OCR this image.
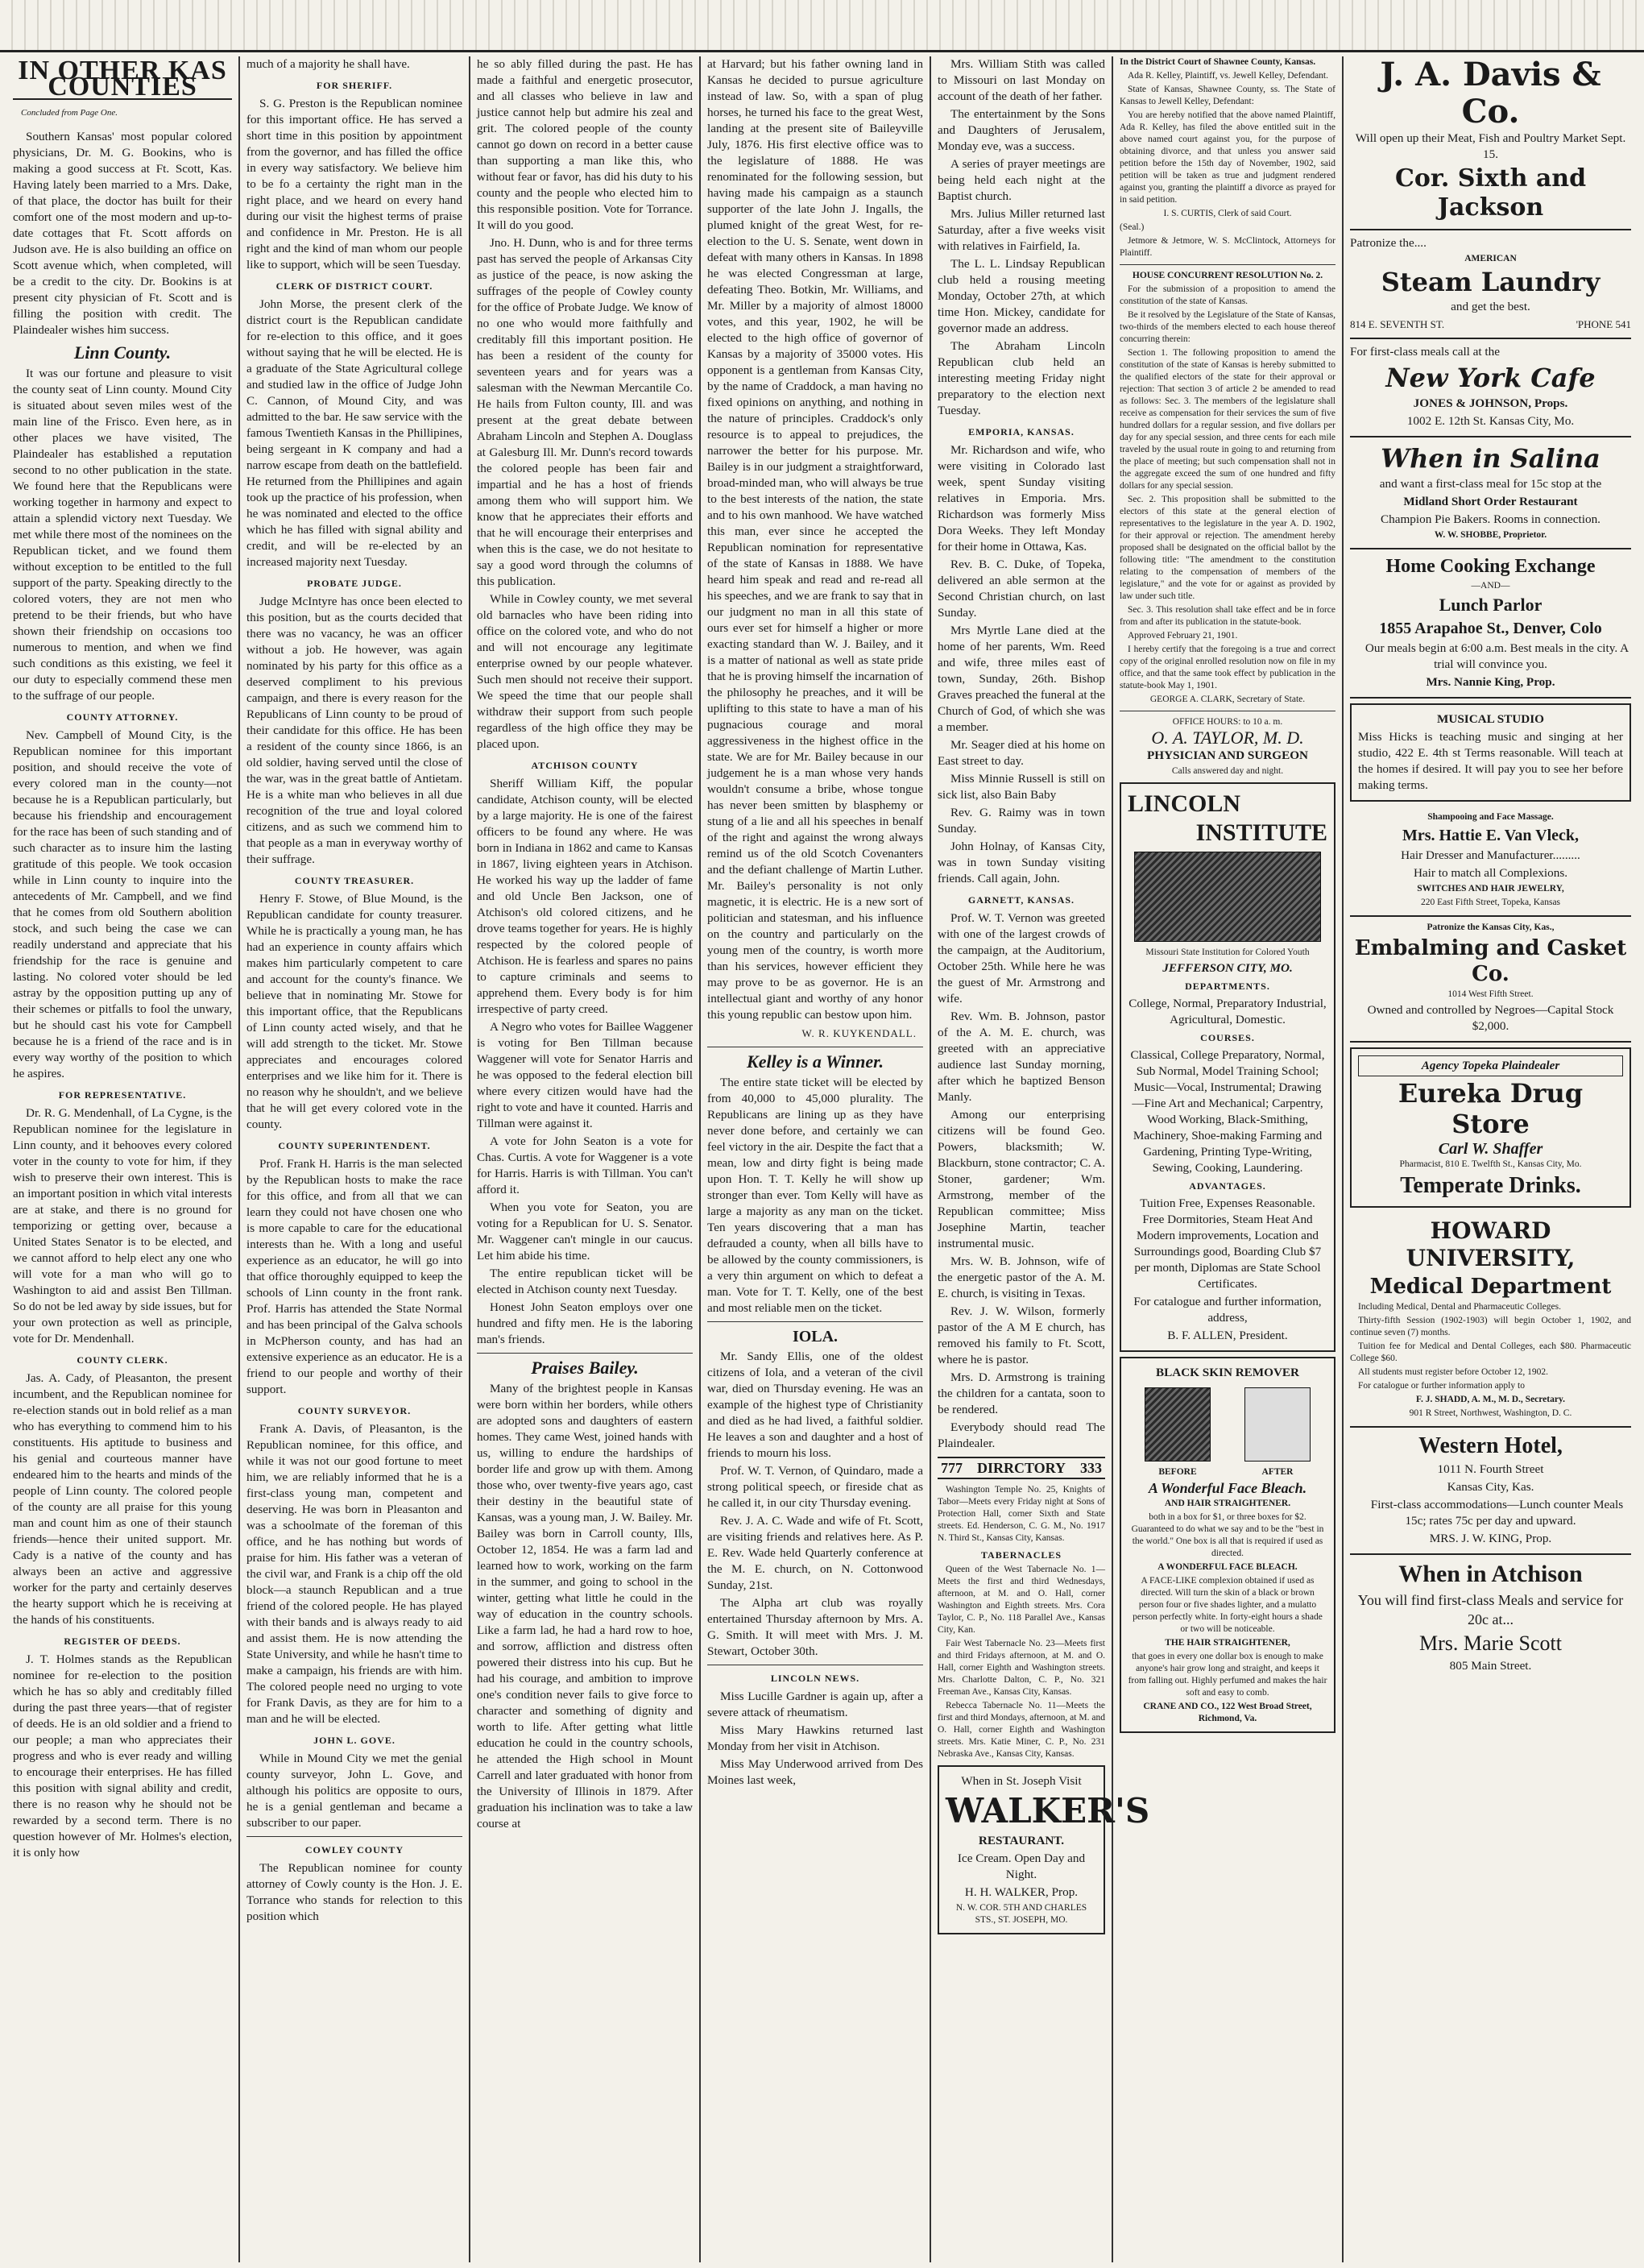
IN OTHER KAS COUNTIES
Concluded from Page One.

Southern Kansas' most popular colored physicians, Dr. M. G. Bookins, who is making a good success at Ft. Scott, Kas. Having lately been married to a Mrs. Dake, of that place, the doctor has built for their comfort one of the most modern and up-to-date cottages that Ft. Scott affords on Judson ave. He is also building an office on Scott avenue which, when completed, will be a credit to the city. Dr. Bookins is at present city physician of Ft. Scott and is filling the position with credit. The Plaindealer wishes him success.

Linn County.

It was our fortune and pleasure to visit the county seat of Linn county. Mound City is situated about seven miles west of the main line of the Frisco. Even here, as in other places we have visited, The Plaindealer has established a reputation second to no other publication in the state. We found here that the Republicans were working together in harmony and expect to attain a splendid victory next Tuesday. We met while there most of the nominees on the Republican ticket, and we found them without exception to be entitled to the full support of the party. Speaking directly to the colored voters, they are not men who pretend to be their friends, but who have shown their friendship on occasions too numerous to mention, and when we find such conditions as this existing, we feel it our duty to especially commend these men to the suffrage of our people.

COUNTY ATTORNEY.

Nev. Campbell of Mound City, is the Republican nominee for this important position, and should receive the vote of every colored man in the county—not because he is a Republican particularly, but because his friendship and encouragement for the race has been of such standing and of such character as to insure him the lasting gratitude of this people. We took occasion while in Linn county to inquire into the antecedents of Mr. Campbell, and we find that he comes from old Southern abolition stock, and such being the case we can readily understand and appreciate that his friendship for the race is genuine and lasting. No colored voter should be led astray by the opposition putting up any of their schemes or pitfalls to fool the unwary, but he should cast his vote for Campbell because he is a friend of the race and is in every way worthy of the position to which he aspires.

FOR REPRESENTATIVE.

Dr. R. G. Mendenhall, of La Cygne, is the Republican nominee for the legislature in Linn county, and it behooves every colored voter in the county to vote for him, if they wish to preserve their own interest. This is an important position in which vital interests are at stake, and there is no ground for temporizing or getting over, because a United States Senator is to be elected, and we cannot afford to help elect any one who will vote for a man who will go to Washington to aid and assist Ben Tillman. So do not be led away by side issues, but for your own protection as well as principle, vote for Dr. Mendenhall.

COUNTY CLERK.

Jas. A. Cady, of Pleasanton, the present incumbent, and the Republican nominee for re-election stands out in bold relief as a man who has everything to commend him to his constituents. His aptitude to business and his genial and courteous manner have endeared him to the hearts and minds of the people of Linn county. The colored people of the county are all praise for this young man and count him as one of their staunch friends—hence their united support. Mr. Cady is a native of the county and has always been an active and aggressive worker for the party and certainly deserves the hearty support which he is receiving at the hands of his constituents.

REGISTER OF DEEDS.

J. T. Holmes stands as the Republican nominee for re-election to the position which he has so ably and creditably filled during the past three years—that of register of deeds. He is an old soldier and a friend to our people; a man who appreciates their progress and who is ever ready and willing to encourage their enterprises. He has filled this position with signal ability and credit, there is no reason why he should not be rewarded by a second term. There is no question however of Mr. Holmes's election, it is only how

much of a majority he shall have.

FOR SHERIFF.

S. G. Preston is the Republican nominee for this important office. He has served a short time in this position by appointment from the governor, and has filled the office in every way satisfactory. We believe him to be fo a certainty the right man in the right place, and we heard on every hand during our visit the highest terms of praise and confidence in Mr. Preston. He is all right and the kind of man whom our people like to support, which will be seen Tuesday.

CLERK OF DISTRICT COURT.

John Morse, the present clerk of the district court is the Republican candidate for re-election to this office, and it goes without saying that he will be elected. He is a graduate of the State Agricultural college and studied law in the office of Judge John C. Cannon, of Mound City, and was admitted to the bar. He saw service with the famous Twentieth Kansas in the Phillipines, being sergeant in K company and had a narrow escape from death on the battlefield. He returned from the Phillipines and again took up the practice of his profession, when he was nominated and elected to the office which he has filled with signal ability and credit, and will be re-elected by an increased majority next Tuesday.

PROBATE JUDGE.

Judge McIntyre has once been elected to this position, but as the courts decided that there was no vacancy, he was an officer without a job. He however, was again nominated by his party for this office as a deserved compliment to his previous campaign, and there is every reason for the Republicans of Linn county to be proud of their candidate for this office. He has been a resident of the county since 1866, is an old soldier, having served until the close of the war, was in the great battle of Antietam. He is a white man who believes in all due recognition of the true and loyal colored citizens, and as such we commend him to that people as a man in everyway worthy of their suffrage.

COUNTY TREASURER.

Henry F. Stowe, of Blue Mound, is the Republican candidate for county treasurer. While he is practically a young man, he has had an experience in county affairs which makes him particularly competent to care and account for the county's finance. We believe that in nominating Mr. Stowe for this important office, that the Republicans of Linn county acted wisely, and that he will add strength to the ticket. Mr. Stowe appreciates and encourages colored enterprises and we like him for it. There is no reason why he shouldn't, and we believe that he will get every colored vote in the county.

COUNTY SUPERINTENDENT.

Prof. Frank H. Harris is the man selected by the Republican hosts to make the race for this office, and from all that we can learn they could not have chosen one who is more capable to care for the educational interests than he. With a long and useful experience as an educator, he will go into that office thoroughly equipped to keep the schools of Linn county in the front rank. Prof. Harris has attended the State Normal and has been principal of the Galva schools in McPherson county, and has had an extensive experience as an educator. He is a friend to our people and worthy of their support.

COUNTY SURVEYOR.

Frank A. Davis, of Pleasanton, is the Republican nominee, for this office, and while it was not our good fortune to meet him, we are reliably informed that he is a first-class young man, competent and deserving. He was born in Pleasanton and was a schoolmate of the foreman of this office, and he has nothing but words of praise for him. His father was a veteran of the civil war, and Frank is a chip off the old block—a staunch Republican and a true friend of the colored people. He has played with their bands and is always ready to aid and assist them. He is now attending the State University, and while he hasn't time to make a campaign, his friends are with him. The colored people need no urging to vote for Frank Davis, as they are for him to a man and he will be elected.

JOHN L. GOVE.

While in Mound City we met the genial county surveyor, John L. Gove, and although his politics are opposite to ours, he is a genial gentleman and became a subscriber to our paper.

COWLEY COUNTY

The Republican nominee for county attorney of Cowly county is the Hon. J. E. Torrance who stands for relection to this position which

he so ably filled during the past. He has made a faithful and energetic prosecutor, and all classes who believe in law and justice cannot help but admire his zeal and grit. The colored people of the county cannot go down on record in a better cause than supporting a man like this, who without fear or favor, has did his duty to his county and the people who elected him to this responsible position. Vote for Torrance. It will do you good.

Jno. H. Dunn, who is and for three terms past has served the people of Arkansas City as justice of the peace, is now asking the suffrages of the people of Cowley county for the office of Probate Judge. We know of no one who would more faithfully and creditably fill this important position. He has been a resident of the county for seventeen years and for years was a salesman with the Newman Mercantile Co. He hails from Fulton county, Ill. and was present at the great debate between Abraham Lincoln and Stephen A. Douglass at Galesburg Ill. Mr. Dunn's record towards the colored people has been fair and impartial and he has a host of friends among them who will support him. We know that he appreciates their efforts and that he will encourage their enterprises and when this is the case, we do not hesitate to say a good word through the columns of this publication.

While in Cowley county, we met several old barnacles who have been riding into office on the colored vote, and who do not and will not encourage any legitimate enterprise owned by our people whatever. Such men should not receive their support. We speed the time that our people shall withdraw their support from such people regardless of the high office they may be placed upon.

ATCHISON COUNTY

Sheriff William Kiff, the popular candidate, Atchison county, will be elected by a large majority. He is one of the fairest officers to be found any where. He was born in Indiana in 1862 and came to Kansas in 1867, living eighteen years in Atchison. He worked his way up the ladder of fame and old Uncle Ben Jackson, one of Atchison's old colored citizens, and he drove teams together for years. He is highly respected by the colored people of Atchison. He is fearless and spares no pains to capture criminals and seems to apprehend them. Every body is for him irrespective of party creed.

A Negro who votes for Baillee Waggener is voting for Ben Tillman because Waggener will vote for Senator Harris and he was opposed to the federal election bill where every citizen would have had the right to vote and have it counted. Harris and Tillman were against it.

A vote for John Seaton is a vote for Chas. Curtis. A vote for Waggener is a vote for Harris. Harris is with Tillman. You can't afford it.

When you vote for Seaton, you are voting for a Republican for U. S. Senator. Mr. Waggener can't mingle in our caucus. Let him abide his time.

The entire republican ticket will be elected in Atchison county next Tuesday.

Honest John Seaton employs over one hundred and fifty men. He is the laboring man's friends.

Praises Bailey.

Many of the brightest people in Kansas were born within her borders, while others are adopted sons and daughters of eastern homes. They came West, joined hands with us, willing to endure the hardships of border life and grow up with them. Among those who, over twenty-five years ago, cast their destiny in the beautiful state of Kansas, was a young man, J. W. Bailey. Mr. Bailey was born in Carroll county, Ills, October 12, 1854. He was a farm lad and learned how to work, working on the farm in the summer, and going to school in the winter, getting what little he could in the way of education in the country schools. Like a farm lad, he had a hard row to hoe, and sorrow, affliction and distress often powered their distress into his cup. But he had his courage, and ambition to improve one's condition never fails to give force to character and something of dignity and worth to life. After getting what little education he could in the country schools, he attended the High school in Mount Carrell and later graduated with honor from the University of Illinois in 1879. After graduation his inclination was to take a law course at

at Harvard; but his father owning land in Kansas he decided to pursue agriculture instead of law. So, with a span of plug horses, he turned his face to the great West, landing at the present site of Baileyville July, 1876. His first elective office was to the legislature of 1888. He was renominated for the following session, but having made his campaign as a staunch supporter of the late John J. Ingalls, the plumed knight of the great West, for re-election to the U. S. Senate, went down in defeat with many others in Kansas. In 1898 he was elected Congressman at large, defeating Theo. Botkin, Mr. Williams, and Mr. Miller by a majority of almost 18000 votes, and this year, 1902, he will be elected to the high office of governor of Kansas by a majority of 35000 votes. His opponent is a gentleman from Kansas City, by the name of Craddock, a man having no fixed opinions on anything, and nothing in the nature of principles. Craddock's only resource is to appeal to prejudices, the narrower the better for his purpose. Mr. Bailey is in our judgment a straightforward, broad-minded man, who will always be true to the best interests of the nation, the state and to his own manhood. We have watched this man, ever since he accepted the Republican nomination for representative of the state of Kansas in 1888. We have heard him speak and read and re-read all his speeches, and we are frank to say that in our judgment no man in all this state of ours ever set for himself a higher or more exacting standard than W. J. Bailey, and it is a matter of national as well as state pride that he is proving himself the incarnation of the philosophy he preaches, and it will be uplifting to this state to have a man of his pugnacious courage and moral aggressiveness in the highest office in the state. We are for Mr. Bailey because in our judgement he is a man whose very hands wouldn't consume a bribe, whose tongue has never been smitten by blasphemy or stung of a lie and all his speeches in benalf of the right and against the wrong always remind us of the old Scotch Covenanters and the defiant challenge of Martin Luther. Mr. Bailey's personality is not only magnetic, it is electric. He is a new sort of politician and statesman, and his influence on the country and particularly on the young men of the country, is worth more than his services, however efficient they may prove to be as governor. He is an intellectual giant and worthy of any honor this young republic can bestow upon him.

W. R. KUYKENDALL.
Kelley is a Winner.

The entire state ticket will be elected by from 40,000 to 45,000 plurality. The Republicans are lining up as they have never done before, and certainly we can feel victory in the air. Despite the fact that a mean, low and dirty fight is being made upon Hon. T. T. Kelly he will show up stronger than ever. Tom Kelly will have as large a majority as any man on the ticket. Ten years discovering that a man has defrauded a county, when all bills have to be allowed by the county commissioners, is a very thin argument on which to defeat a man. Vote for T. T. Kelly, one of the best and most reliable men on the ticket.

IOLA.

Mr. Sandy Ellis, one of the oldest citizens of Iola, and a veteran of the civil war, died on Thursday evening. He was an example of the highest type of Christianity and died as he had lived, a faithful soldier. He leaves a son and daughter and a host of friends to mourn his loss.

Prof. W. T. Vernon, of Quindaro, made a strong political speech, or fireside chat as he called it, in our city Thursday evening.

Rev. J. A. C. Wade and wife of Ft. Scott, are visiting friends and relatives here. As P. E. Rev. Wade held Quarterly conference at the M. E. church, on N. Cottonwood Sunday, 21st.

The Alpha art club was royally entertained Thursday afternoon by Mrs. A. G. Smith. It will meet with Mrs. J. M. Stewart, October 30th.

LINCOLN NEWS.

Miss Lucille Gardner is again up, after a severe attack of rheumatism.

Miss Mary Hawkins returned last Monday from her visit in Atchison.

Miss May Underwood arrived from Des Moines last week,

Mrs. William Stith was called to Missouri on last Monday on account of the death of her father.

The entertainment by the Sons and Daughters of Jerusalem, Monday eve, was a success.

A series of prayer meetings are being held each night at the Baptist church.

Mrs. Julius Miller returned last Saturday, after a five weeks visit with relatives in Fairfield, Ia.

The L. L. Lindsay Republican club held a rousing meeting Monday, October 27th, at which time Hon. Mickey, candidate for governor made an address.

The Abraham Lincoln Republican club held an interesting meeting Friday night preparatory to the election next Tuesday.

EMPORIA, KANSAS.

Mr. Richardson and wife, who were visiting in Colorado last week, spent Sunday visiting relatives in Emporia. Mrs. Richardson was formerly Miss Dora Weeks. They left Monday for their home in Ottawa, Kas.

Rev. B. C. Duke, of Topeka, delivered an able sermon at the Second Christian church, on last Sunday.

Mrs Myrtle Lane died at the home of her parents, Wm. Reed and wife, three miles east of town, Sunday, 26th. Bishop Graves preached the funeral at the Church of God, of which she was a member.

Mr. Seager died at his home on East street to day.

Miss Minnie Russell is still on sick list, also Bain Baby

Rev. G. Raimy was in town Sunday.

John Holnay, of Kansas City, was in town Sunday visiting friends. Call again, John.

GARNETT, KANSAS.

Prof. W. T. Vernon was greeted with one of the largest crowds of the campaign, at the Auditorium, October 25th. While here he was the guest of Mr. Armstrong and wife.

Rev. Wm. B. Johnson, pastor of the A. M. E. church, was greeted with an appreciative audience last Sunday morning, after which he baptized Benson Manly.

Among our enterprising citizens will be found Geo. Powers, blacksmith; W. Blackburn, stone contractor; C. A. Stoner, gardener; Wm. Armstrong, member of the Republican committee; Miss Josephine Martin, teacher instrumental music.

Mrs. W. B. Johnson, wife of the energetic pastor of the A. M. E. church, is visiting in Texas.

Rev. J. W. Wilson, formerly pastor of the A M E church, has removed his family to Ft. Scott, where he is pastor.

Mrs. D. Armstrong is training the children for a cantata, soon to be rendered.

Everybody should read The Plaindealer.

777 DIRRCTORY 333

Washington Temple No. 25, Knights of Tabor—Meets every Friday night at Sons of Protection Hall, corner Sixth and State streets. Ed. Henderson, C. G. M., No. 1917 N. Third St., Kansas City, Kansas.

TABERNACLES

Queen of the West Tabernacle No. 1—Meets the first and third Wednesdays, afternoon, at M. and O. Hall, corner Washington and Eighth streets. Mrs. Cora Taylor, C. P., No. 118 Parallel Ave., Kansas City, Kan.

Fair West Tabernacle No. 23—Meets first and third Fridays afternoon, at M. and O. Hall, corner Eighth and Washington streets. Mrs. Charlotte Dalton, C. P., No. 321 Freeman Ave., Kansas City, Kansas.

Rebecca Tabernacle No. 11—Meets the first and third Mondays, afternoon, at M. and O. Hall, corner Eighth and Washington streets. Mrs. Katie Miner, C. P., No. 231 Nebraska Ave., Kansas City, Kansas.

When in St. Joseph Visit

WALKER'S

RESTAURANT.

Ice Cream. Open Day and Night.

H. H. WALKER, Prop.

N. W. COR. 5TH AND CHARLES STS., ST. JOSEPH, MO.

In the District Court of Shawnee County, Kansas.

Ada R. Kelley, Plaintiff, vs. Jewell Kelley, Defendant.

State of Kansas, Shawnee County, ss. The State of Kansas to Jewell Kelley, Defendant:

You are hereby notified that the above named Plaintiff, Ada R. Kelley, has filed the above entitled suit in the above named court against you, for the purpose of obtaining divorce, and that unless you answer said petition before the 15th day of November, 1902, said petition will be taken as true and judgment rendered against you, granting the plaintiff a divorce as prayed for in said petition.

I. S. CURTIS, Clerk of said Court.

(Seal.)

Jetmore & Jetmore, W. S. McClintock, Attorneys for Plaintiff.

HOUSE CONCURRENT RESOLUTION No. 2.

For the submission of a proposition to amend the constitution of the state of Kansas.

Be it resolved by the Legislature of the State of Kansas, two-thirds of the members elected to each house thereof concurring therein:

Section 1. The following proposition to amend the constitution of the state of Kansas is hereby submitted to the qualified electors of the state for their approval or rejection: That section 3 of article 2 be amended to read as follows: Sec. 3. The members of the legislature shall receive as compensation for their services the sum of five hundred dollars for a regular session, and five dollars per day for any special session, and three cents for each mile traveled by the usual route in going to and returning from the place of meeting; but such compensation shall not in the aggregate exceed the sum of one hundred and fifty dollars for any special session.

Sec. 2. This proposition shall be submitted to the electors of this state at the general election of representatives to the legislature in the year A. D. 1902, for their approval or rejection. The amendment hereby proposed shall be designated on the official ballot by the following title: "The amendment to the constitution relating to the compensation of members of the legislature," and the vote for or against as provided by law under such title.

Sec. 3. This resolution shall take effect and be in force from and after its publication in the statute-book.

Approved February 21, 1901.

I hereby certify that the foregoing is a true and correct copy of the original enrolled resolution now on file in my office, and that the same took effect by publication in the statute-book May 1, 1901.

GEORGE A. CLARK, Secretary of State.

OFFICE HOURS: to 10 a. m.

O. A. TAYLOR, M. D.

PHYSICIAN AND SURGEON

Calls answered day and night.

LINCOLN

INSTITUTE

Missouri State Institution for Colored Youth

JEFFERSON CITY, MO.

DEPARTMENTS.

College, Normal, Preparatory Industrial, Agricultural, Domestic.

COURSES.

Classical, College Preparatory, Normal, Sub Normal, Model Training School; Music—Vocal, Instrumental; Drawing—Fine Art and Mechanical; Carpentry, Wood Working, Black-Smithing, Machinery, Shoe-making Farming and Gardening, Printing Type-Writing, Sewing, Cooking, Laundering.

ADVANTAGES.

Tuition Free, Expenses Reasonable. Free Dormitories, Steam Heat And Modern improvements, Location and Surroundings good, Boarding Club $7 per month, Diplomas are State School Certificates.

For catalogue and further information, address,

B. F. ALLEN, President.

BLACK SKIN REMOVER

BEFORE	AFTER

A Wonderful Face Bleach.

AND HAIR STRAIGHTENER.

both in a box for $1, or three boxes for $2. Guaranteed to do what we say and to be the "best in the world." One box is all that is required if used as directed.

A WONDERFUL FACE BLEACH.

A FACE-LIKE complexion obtained if used as directed. Will turn the skin of a black or brown person four or five shades lighter, and a mulatto person perfectly white. In forty-eight hours a shade or two will be noticeable.

THE HAIR STRAIGHTENER,

that goes in every one dollar box is enough to make anyone's hair grow long and straight, and keeps it from falling out. Highly perfumed and makes the hair soft and easy to comb.

CRANE AND CO., 122 West Broad Street, Richmond, Va.

J. A. Davis & Co.

Will open up their Meat, Fish and Poultry Market Sept. 15.

Cor. Sixth and Jackson

Patronize the....

AMERICAN

Steam Laundry

and get the best.

814 E. SEVENTH ST.	'PHONE 541

For first-class meals call at the

New York Cafe

JONES & JOHNSON, Props.

1002 E. 12th St. Kansas City, Mo.

When in Salina

and want a first-class meal for 15c stop at the

Midland Short Order Restaurant

Champion Pie Bakers. Rooms in connection.

W. W. SHOBBE, Proprietor.

Home Cooking Exchange

—AND—

Lunch Parlor

1855 Arapahoe St., Denver, Colo

Our meals begin at 6:00 a.m. Best meals in the city. A trial will convince you.

Mrs. Nannie King, Prop.

MUSICAL STUDIO

Miss Hicks is teaching music and singing at her studio, 422 E. 4th st Terms reasonable. Will teach at the homes if desired. It will pay you to see her before making terms.

Shampooing and Face Massage.

Mrs. Hattie E. Van Vleck,

Hair Dresser and Manufacturer.........

Hair to match all Complexions.

SWITCHES AND HAIR JEWELRY,

220 East Fifth Street, Topeka, Kansas

Patronize the Kansas City, Kas.,

Embalming and Casket Co.

1014 West Fifth Street.

Owned and controlled by Negroes—Capital Stock $2,000.

Agency Topeka Plaindealer

Eureka Drug Store

Carl W. Shaffer

Pharmacist, 810 E. Twelfth St., Kansas City, Mo.

Temperate Drinks.

HOWARD UNIVERSITY,

Medical Department

Including Medical, Dental and Pharmaceutic Colleges.

Thirty-fifth Session (1902-1903) will begin October 1, 1902, and continue seven (7) months.

Tuition fee for Medical and Dental Colleges, each $80. Pharmaceutic College $60.

All students must register before October 12, 1902.

For catalogue or further information apply to

F. J. SHADD, A. M., M. D., Secretary.

901 R Street, Northwest, Washington, D. C.

Western Hotel,

1011 N. Fourth Street

Kansas City, Kas.

First-class accommodations—Lunch counter Meals 15c; rates 75c per day and upward.

MRS. J. W. KING, Prop.

When in Atchison

You will find first-class Meals and service for 20c at...

Mrs. Marie Scott

805 Main Street.
